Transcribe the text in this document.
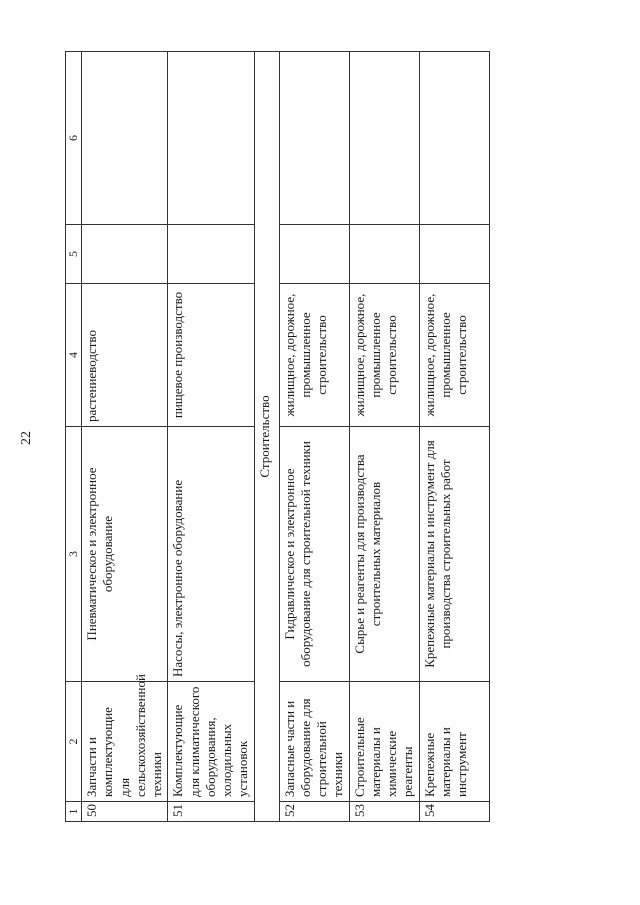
22
1	2	3	4	5	6
50	Запчасти и комплектующие для сельскохозяйственной техники	Пневматическое и электронное оборудование	растениеводство		
51	Комплектующие для климатического оборудования, холодильных установок	Насосы, электронное оборудование	пищевое производство		
Строительство					
52	Запасные части и оборудование для строительной техники	Гидравлическое и электронное оборудование для строительной техники	жилищное, дорожное, промышленное строительство		
53	Строительные материалы и химические реагенты	Сырье и реагенты для производства строительных материалов	жилищное, дорожное, промышленное строительство		
54	Крепежные материалы и инструмент	Крепежные материалы и инструмент для производства строительных работ	жилищное, дорожное, промышленное строительство		
